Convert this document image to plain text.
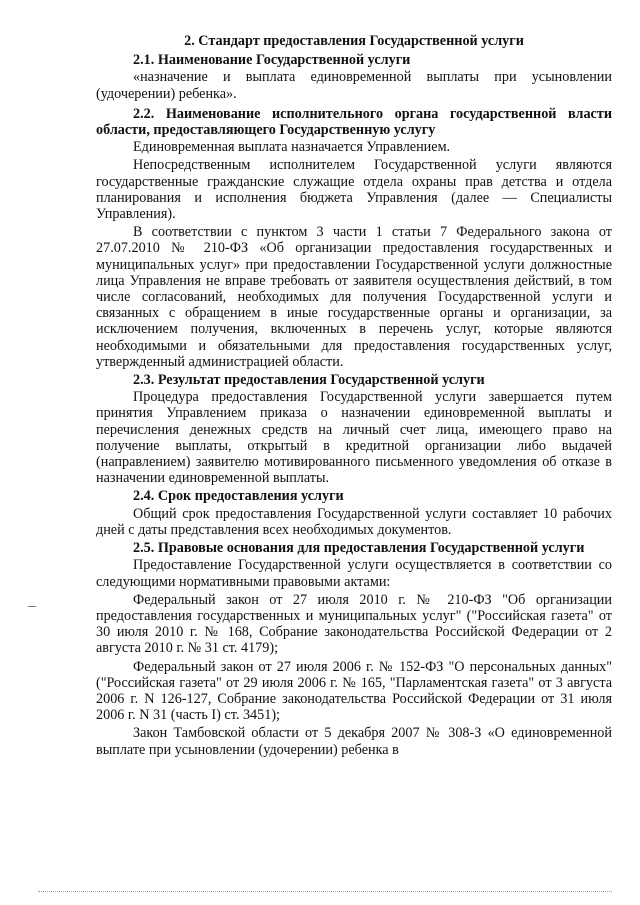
2. Стандарт предоставления Государственной услуги
2.1. Наименование Государственной услуги
«назначение и выплата единовременной выплаты при усыновлении (удочерении) ребенка».
2.2. Наименование исполнительного органа государственной власти области, предоставляющего Государственную услугу
Единовременная выплата назначается Управлением.
Непосредственным исполнителем Государственной услуги являются государственные гражданские служащие отдела охраны прав детства и отдела планирования и исполнения бюджета Управления (далее — Специалисты Управления).
В соответствии с пунктом 3 части 1 статьи 7 Федерального закона от 27.07.2010 № 210-ФЗ «Об организации предоставления государственных и муниципальных услуг» при предоставлении Государственной услуги должностные лица Управления не вправе требовать от заявителя осуществления действий, в том числе согласований, необходимых для получения Государственной услуги и связанных с обращением в иные государственные органы и организации, за исключением получения, включенных в перечень услуг, которые являются необходимыми и обязательными для предоставления государственных услуг, утвержденный администрацией области.
2.3. Результат предоставления Государственной услуги
Процедура предоставления Государственной услуги завершается путем принятия Управлением приказа о назначении единовременной выплаты и перечисления денежных средств на личный счет лица, имеющего право на получение выплаты, открытый в кредитной организации либо выдачей (направлением) заявителю мотивированного письменного уведомления об отказе в назначении единовременной выплаты.
2.4. Срок предоставления услуги
Общий срок предоставления Государственной услуги составляет 10 рабочих дней с даты представления всех необходимых документов.
2.5. Правовые основания для предоставления Государственной услуги
Предоставление Государственной услуги осуществляется в соответствии со следующими нормативными правовыми актами:
Федеральный закон от 27 июля 2010 г. № 210-ФЗ "Об организации предоставления государственных и муниципальных услуг" ("Российская газета" от 30 июля 2010 г. № 168, Собрание законодательства Российской Федерации от 2 августа 2010 г. № 31 ст. 4179);
Федеральный закон от 27 июля 2006 г. № 152-ФЗ "О персональных данных" ("Российская газета" от 29 июля 2006 г. № 165, "Парламентская газета" от 3 августа 2006 г. N 126-127, Собрание законодательства Российской Федерации от 31 июля 2006 г. N 31 (часть I) ст. 3451);
Закон Тамбовской области от 5 декабря 2007 № 308-З «О единовременной выплате при усыновлении (удочерении) ребенка в
